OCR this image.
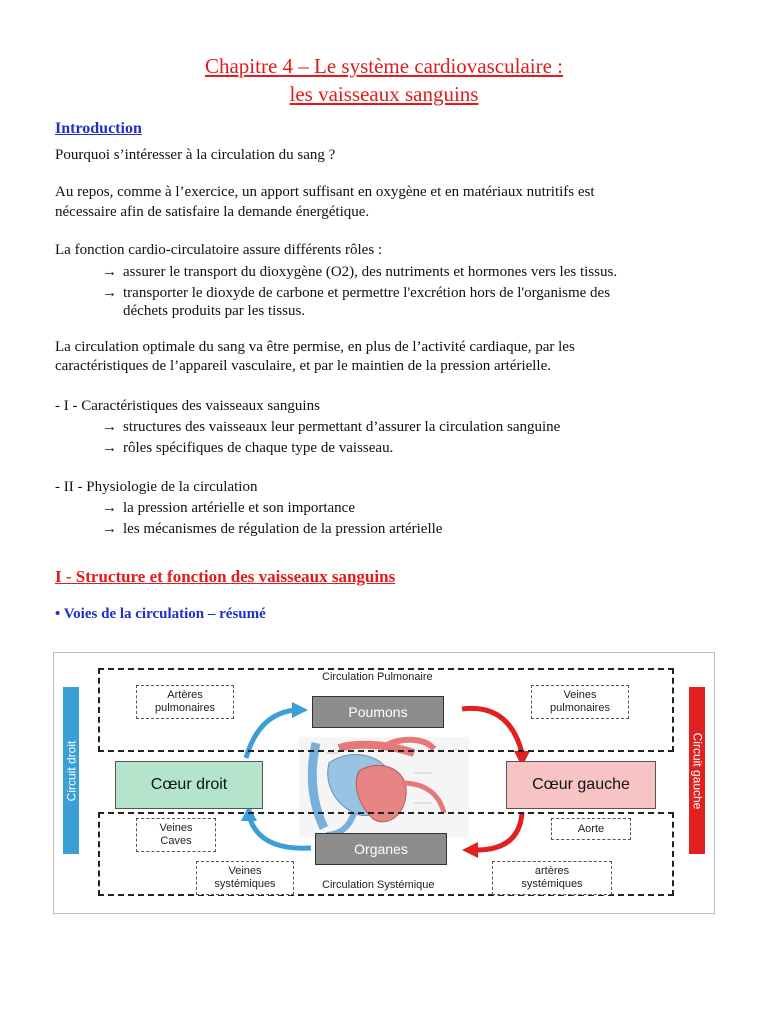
Chapitre 4 – Le système cardiovasculaire :
les vaisseaux sanguins
Introduction
Pourquoi s’intéresser à la circulation du sang ?
Au repos, comme à l’exercice, un apport suffisant en oxygène et en matériaux nutritifs est
nécessaire afin de satisfaire la demande énergétique.
La fonction cardio-circulatoire assure différents rôles :
→ assurer le transport du dioxygène (O2), des nutriments et hormones vers les tissus.
→ transporter le dioxyde de carbone et permettre l'excrétion hors de l'organisme des
déchets produits par les tissus.
La circulation optimale du sang va être permise, en plus de l’activité cardiaque, par les
caractéristiques de l’appareil vasculaire, et par le maintien de la pression artérielle.
- I - Caractéristiques des vaisseaux sanguins
→ structures des vaisseaux leur permettant d’assurer la circulation sanguine
→ rôles spécifiques de chaque type de vaisseau.
- II - Physiologie de la circulation
→ la pression artérielle et son importance
→ les mécanismes de régulation de la pression artérielle
I - Structure et fonction des vaisseaux sanguins
• Voies de la circulation – résumé
Circulation Pulmonaire
Circulation Systémique
Circuit droit	Circuit gauche
Poumons
Organes
Cœur droit	Cœur gauche
Artères
pulmonaires
Veines
pulmonaires
Veines
Caves
Aorte
Veines
systémiques
artères
systémiques
